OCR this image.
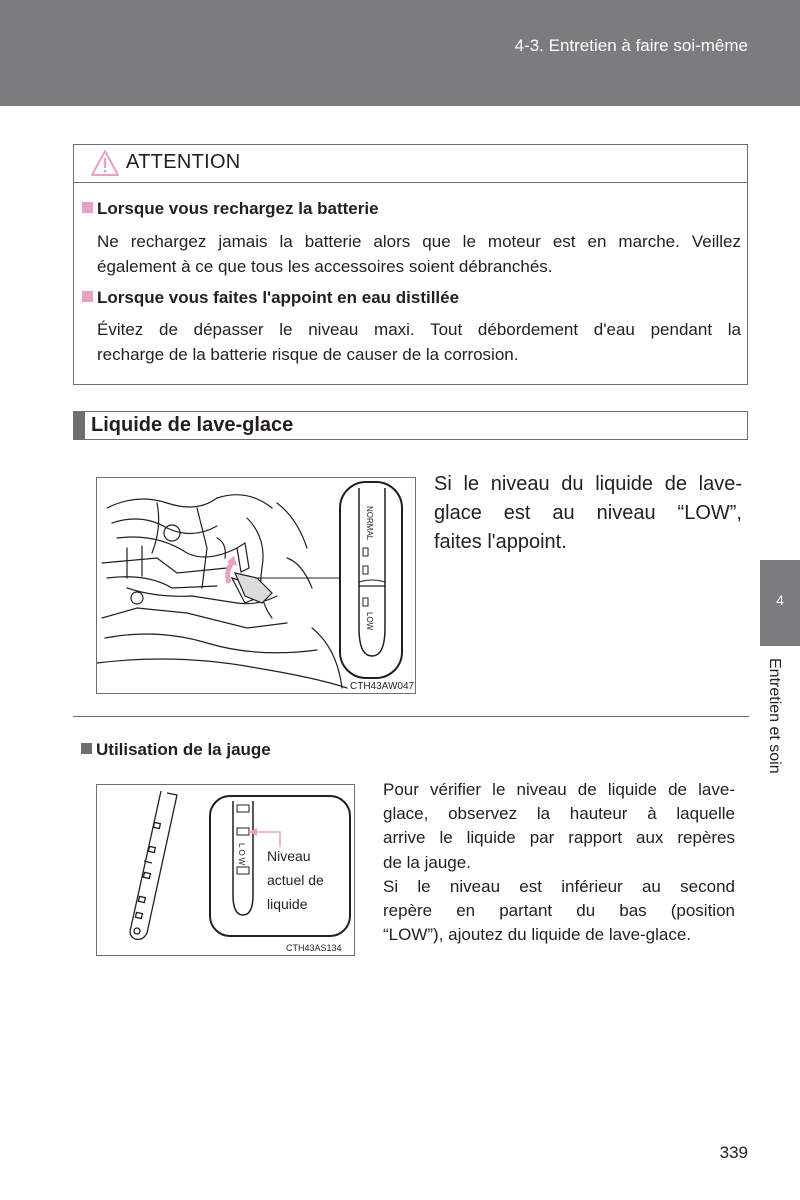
4-3. Entretien à faire soi-même
ATTENTION
Lorsque vous rechargez la batterie
Ne rechargez jamais la batterie alors que le moteur est en marche. Veillez
également à ce que tous les accessoires soient débranchés.
Lorsque vous faites l'appoint en eau distillée
Évitez de dépasser le niveau maxi. Tout débordement d'eau pendant la
recharge de la batterie risque de causer de la corrosion.
Liquide de lave-glace
NORMAL
LOW
CTH43AW047
Si le niveau du liquide de lave-
glace est au niveau “LOW”,
faites l'appoint.
Utilisation de la jauge
LOW Niveau
actuel de
liquide
CTH43AS134
Pour vérifier le niveau de liquide de lave-
glace, observez la hauteur à laquelle
arrive le liquide par rapport aux repères
de la jauge.
Si le niveau est inférieur au second
repère en partant du bas (position
“LOW”), ajoutez du liquide de lave-glace.
4
Entretien et soin
339
